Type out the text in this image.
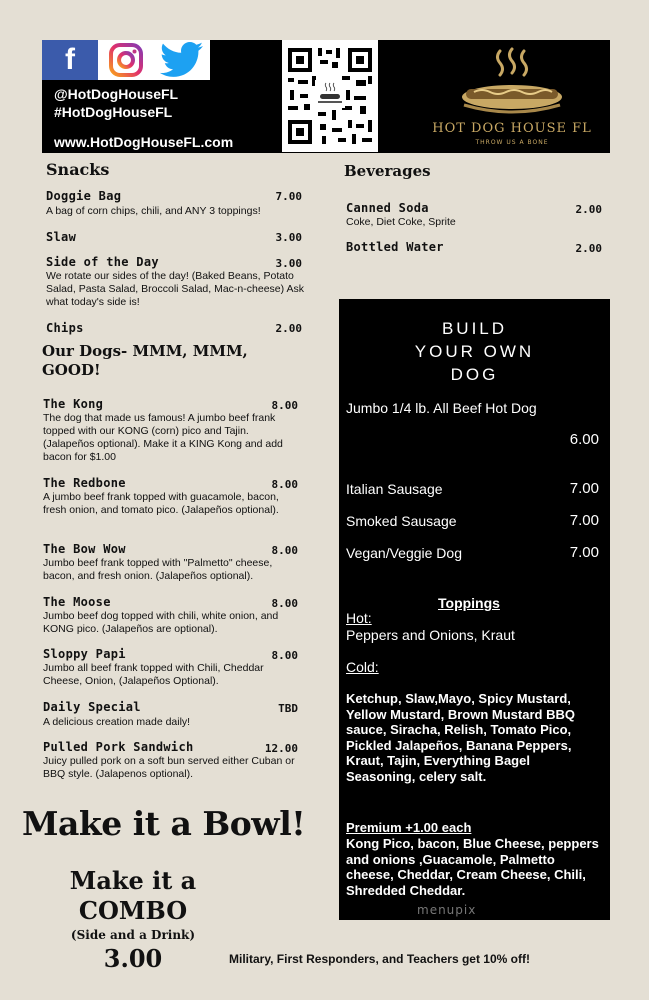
f
@HotDogHouseFL
#HotDogHouseFL
www.HotDogHouseFL.com
HOT DOG HOUSE FL
THROW US A BONE
Snacks
Doggie Bag	7.00
A bag of corn chips, chili, and ANY 3 toppings!
Slaw	3.00
Side of the Day	3.00
We rotate our sides of the day! (Baked Beans, Potato Salad, Pasta Salad, Broccoli Salad, Mac-n-cheese) Ask what today's side is!
Chips	2.00
Beverages
Canned Soda	2.00
Coke, Diet Coke, Sprite
Bottled Water	2.00
Our Dogs- MMM, MMM, GOOD!
The Kong	8.00
The dog that made us famous! A jumbo beef frank topped with our KONG (corn) pico and Tajin. (Jalapeños optional). Make it a KING Kong and add bacon for $1.00
The Redbone	8.00
A jumbo beef frank topped with guacamole, bacon, fresh onion, and tomato pico. (Jalapeños optional).
The Bow Wow	8.00
Jumbo beef frank topped with "Palmetto" cheese, bacon, and fresh onion. (Jalapeños optional).
The Moose	8.00
Jumbo beef dog topped with chili, white onion, and KONG pico. (Jalapeños are optional).
Sloppy Papi	8.00
Jumbo all beef frank topped with Chili, Cheddar Cheese, Onion, (Jalapeños Optional).
Daily Special	TBD
A delicious creation made daily!
Pulled Pork Sandwich	12.00
Juicy pulled pork on a soft bun served either Cuban or BBQ style. (Jalapenos optional).
BUILD
YOUR OWN
DOG
Jumbo 1/4 lb. All Beef Hot Dog
6.00
Italian Sausage	7.00
Smoked Sausage	7.00
Vegan/Veggie Dog	7.00
Toppings
Hot:
Peppers and Onions, Kraut
Cold:
Ketchup, Slaw,Mayo, Spicy Mustard, Yellow Mustard, Brown Mustard BBQ sauce, Siracha, Relish, Tomato Pico, Pickled Jalapeños, Banana Peppers, Kraut, Tajin, Everything Bagel Seasoning, celery salt.
Premium +1.00 each
Kong Pico, bacon, Blue Cheese, peppers and onions ,Guacamole, Palmetto cheese, Cheddar, Cream Cheese, Chili, Shredded Cheddar.
menupix
Make it a Bowl!
Make it a
COMBO
(Side and a Drink)
3.00	Military, First Responders, and Teachers get 10% off!
